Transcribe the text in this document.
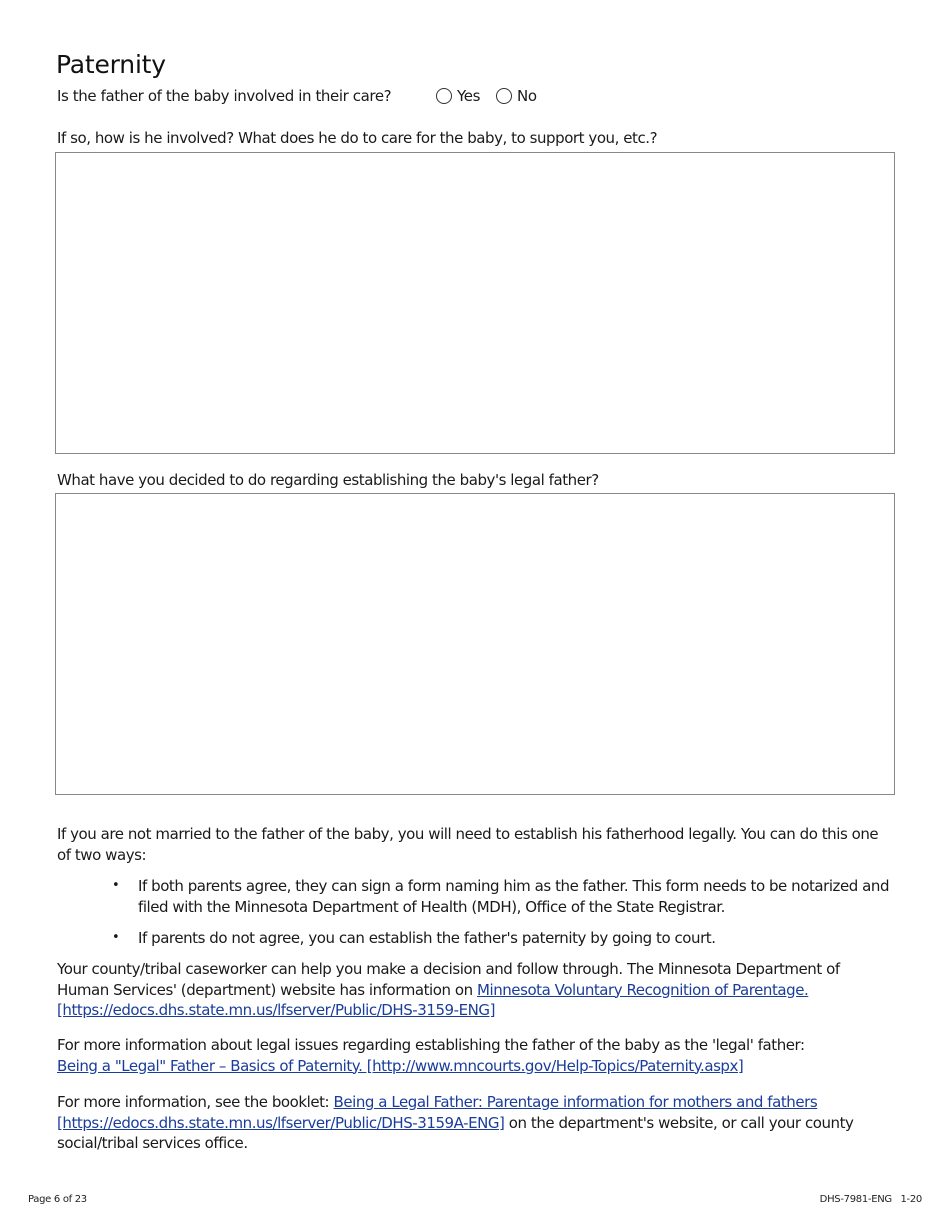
Paternity
Is the father of the baby involved in their care?	Yes No
If so, how is he involved? What does he do to care for the baby, to support you, etc.?
What have you decided to do regarding establishing the baby's legal father?
If you are not married to the father of the baby, you will need to establish his fatherhood legally. You can do this one of two ways:
• If both parents agree, they can sign a form naming him as the father. This form needs to be notarized and filed with the Minnesota Department of Health (MDH), Office of the State Registrar.
• If parents do not agree, you can establish the father's paternity by going to court.
Your county/tribal caseworker can help you make a decision and follow through. The Minnesota Department of Human Services' (department) website has information on Minnesota Voluntary Recognition of Parentage. [https://edocs.dhs.state.mn.us/lfserver/Public/DHS-3159-ENG]
For more information about legal issues regarding establishing the father of the baby as the 'legal' father:
Being a "Legal" Father – Basics of Paternity. [http://www.mncourts.gov/Help-Topics/Paternity.aspx]
For more information, see the booklet: Being a Legal Father: Parentage information for mothers and fathers [https://edocs.dhs.state.mn.us/lfserver/Public/DHS-3159A-ENG] on the department's website, or call your county social/tribal services office.
Page 6 of 23	DHS-7981-ENG   1-20
